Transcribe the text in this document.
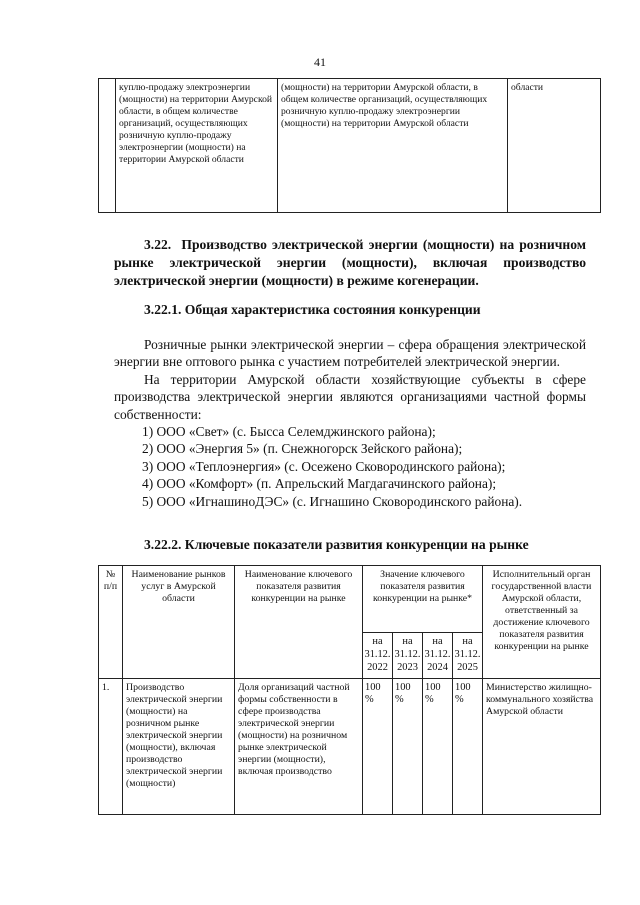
41
	куплю-продажу электроэнергии (мощности) на территории Амурской области, в общем количестве организаций, осуществляющих розничную куплю-продажу электроэнергии (мощности) на территории Амурской области	(мощности) на территории Амурской области, в общем количестве организаций, осуществляющих розничную куплю-продажу электроэнергии (мощности) на территории Амурской области	области

3.22. Производство электрической энергии (мощности) на розничном рынке электрической энергии (мощности), включая производство электрической энергии (мощности) в режиме когенерации.

3.22.1. Общая характеристика состояния конкуренции

Розничные рынки электрической энергии – сфера обращения электрической энергии вне оптового рынка с участием потребителей электрической энергии.

На территории Амурской области хозяйствующие субъекты в сфере производства электрической энергии являются организациями частной формы собственности:

1) ООО «Свет» (с. Бысса Селемджинского района);

2) ООО «Энергия 5» (п. Снежногорск Зейского района);

3) ООО «Теплоэнергия» (с. Осежено Сковородинского района);

4) ООО «Комфорт» (п. Апрельский Магдагачинского района);

5) ООО «ИгнашиноДЭС» (с. Игнашино Сковородинского района).

3.22.2. Ключевые показатели развития конкуренции на рынке
№ п/п	Наименование рынков услуг в Амурской области	Наименование ключевого показателя развития конкуренции на рынке	Значение ключевого показателя развития конкуренции на рынке*				Исполнительный орган государственной власти Амурской области, ответственный за достижение ключевого показателя развития конкуренции на рынке
			на
31.12.
2022	на
31.12.
2023	на
31.12.
2024	на
31.12.
2025	
1.	Производство электрической энергии (мощности) на розничном рынке электрической энергии (мощности), включая производство электрической энергии (мощности)	Доля организаций частной формы собственности в сфере производства электрической энергии (мощности) на розничном рынке электрической энергии (мощности), включая производство	100
%	100
%	100
%	100
%	Министерство жилищно-коммунального хозяйства Амурской области
